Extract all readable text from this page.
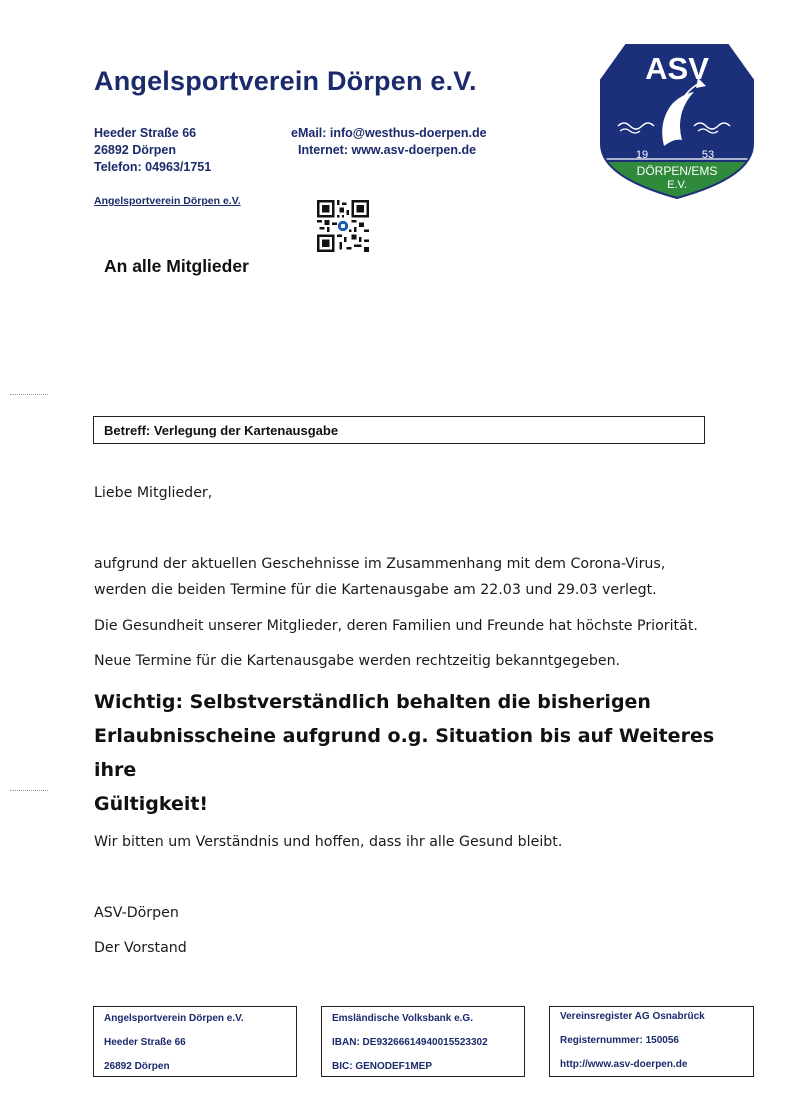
Angelsportverein Dörpen e.V.
Heeder Straße 66
26892 Dörpen
Telefon: 04963/1751
eMail: info@westhus-doerpen.de
Internet: www.asv-doerpen.de
Angelsportverein Dörpen e.V.
ASV
19	53
DÖRPEN/EMS
E.V.
An alle Mitglieder
Betreff: Verlegung der Kartenausgabe
Liebe Mitglieder,
aufgrund der aktuellen Geschehnisse im Zusammenhang mit dem Corona-Virus,
werden die beiden Termine für die Kartenausgabe am 22.03 und 29.03 verlegt.
Die Gesundheit unserer Mitglieder, deren Familien und Freunde hat höchste Priorität.
Neue Termine für die Kartenausgabe werden rechtzeitig bekanntgegeben.
Wichtig: Selbstverständlich behalten die bisherigen
Erlaubnisscheine aufgrund o.g. Situation bis auf Weiteres ihre
Gültigkeit!
Wir bitten um Verständnis und hoffen, dass ihr alle Gesund bleibt.
ASV-Dörpen
Der Vorstand
Angelsportverein Dörpen e.V.
Heeder Straße 66
26892 Dörpen
Emsländische Volksbank e.G.
IBAN: DE93266614940015523302
BIC: GENODEF1MEP
Vereinsregister AG Osnabrück
Registernummer: 150056
http://www.asv-doerpen.de
